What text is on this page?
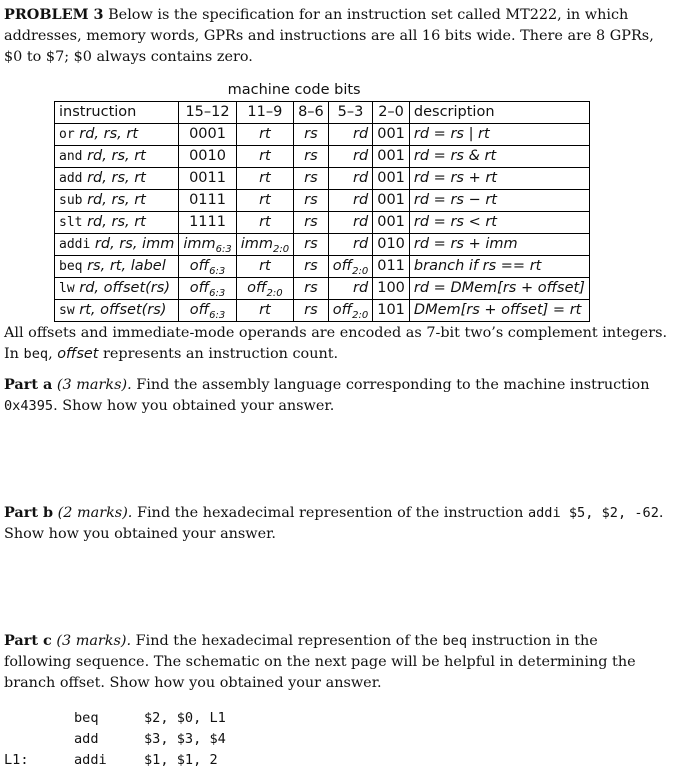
PROBLEM 3 Below is the specification for an instruction set called MT222, in which addresses, memory words, GPRs and instructions are all 16 bits wide. There are 8 GPRs, $0 to $7; $0 always contains zero.
	machine code bits					
instruction	15–12	11–9	8–6	5–3	2–0	description
or rd, rs, rt	0001	rt	rs	rd	001	rd = rs | rt
and rd, rs, rt	0010	rt	rs	rd	001	rd = rs & rt
add rd, rs, rt	0011	rt	rs	rd	001	rd = rs + rt
sub rd, rs, rt	0111	rt	rs	rd	001	rd = rs − rt
slt rd, rs, rt	1111	rt	rs	rd	001	rd = rs < rt
addi rd, rs, imm	imm$_{6:3}$	imm$_{2:0}$	rs	rd	010	rd = rs + imm
beq rs, rt, label	off$_{6:3}$	rt	rs	off$_{2:0}$	011	branch if rs == rt
lw rd, offset(rs)	off$_{6:3}$	off$_{2:0}$	rs	rd	100	rd = DMem[rs + offset]
sw rt, offset(rs)	off$_{6:3}$	rt	rs	off$_{2:0}$	101	DMem[rs + offset] = rt
All offsets and immediate-mode operands are encoded as 7-bit two’s complement integers. In beq, offset represents an instruction count.
Part a (3 marks). Find the assembly language corresponding to the machine instruction 0x4395. Show how you obtained your answer.
Part b (2 marks). Find the hexadecimal represention of the instruction addi $5, $2, -62. Show how you obtained your answer.
Part c (3 marks). Find the hexadecimal represention of the beq instruction in the following sequence. The schematic on the next page will be helpful in determining the branch offset. Show how you obtained your answer.
beq	$2, $0, L1
add	$3, $3, $4
L1:	addi	$1, $1, 2
